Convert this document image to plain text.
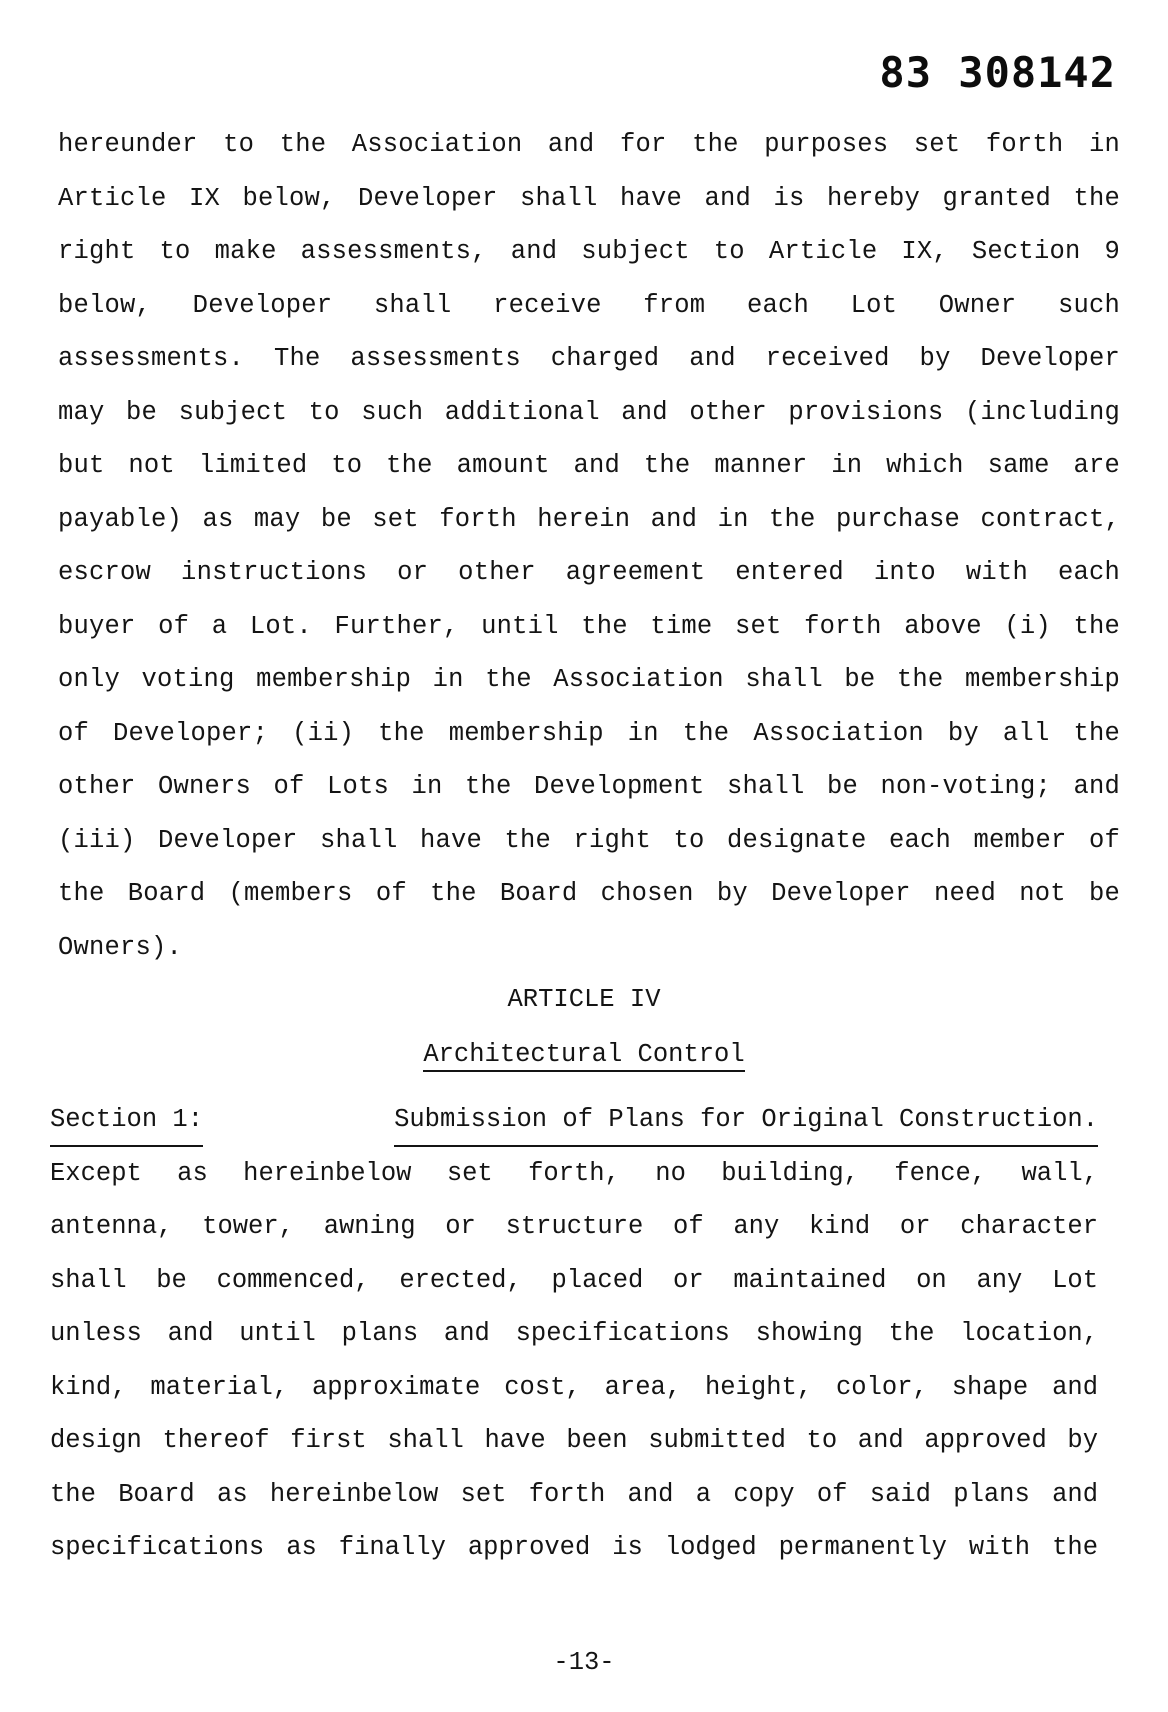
83 308142
hereunder to the Association and for the purposes set forth in
Article IX below, Developer shall have and is hereby granted the
right to make assessments, and subject to Article IX, Section 9
below, Developer shall receive from each Lot Owner such
assessments. The assessments charged and received by Developer
may be subject to such additional and other provisions (including
but not limited to the amount and the manner in which same are
payable) as may be set forth herein and in the purchase contract,
escrow instructions or other agreement entered into with each
buyer of a Lot. Further, until the time set forth above (i) the
only voting membership in the Association shall be the membership
of Developer; (ii) the membership in the Association by all the
other Owners of Lots in the Development shall be non-voting; and
(iii) Developer shall have the right to designate each member of
the Board (members of the Board chosen by Developer need not be
Owners).
ARTICLE IV
Architectural Control
Section 1:	Submission of Plans for Original Construction.
Except as hereinbelow set forth, no building, fence, wall,
antenna, tower, awning or structure of any kind or character
shall be commenced, erected, placed or maintained on any Lot
unless and until plans and specifications showing the location,
kind, material, approximate cost, area, height, color, shape and
design thereof first shall have been submitted to and approved by
the Board as hereinbelow set forth and a copy of said plans and
specifications as finally approved is lodged permanently with the
-13-
